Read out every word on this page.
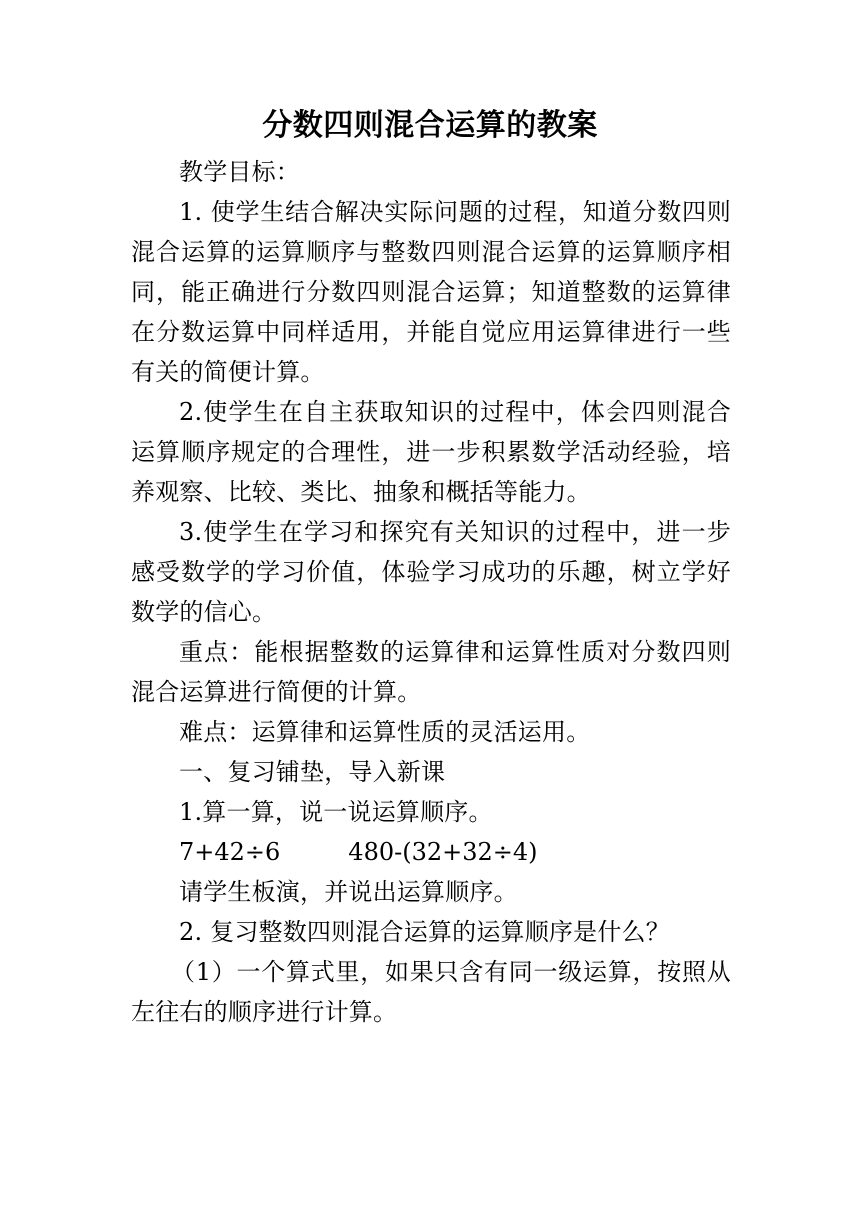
分数四则混合运算的教案

教学目标：

1. 使学生结合解决实际问题的过程，知道分数四则混合运算的运算顺序与整数四则混合运算的运算顺序相同，能正确进行分数四则混合运算；知道整数的运算律在分数运算中同样适用，并能自觉应用运算律进行一些有关的简便计算。

2.使学生在自主获取知识的过程中，体会四则混合运算顺序规定的合理性，进一步积累数学活动经验，培养观察、比较、类比、抽象和概括等能力。

3.使学生在学习和探究有关知识的过程中，进一步感受数学的学习价值，体验学习成功的乐趣，树立学好数学的信心。

重点：能根据整数的运算律和运算性质对分数四则混合运算进行简便的计算。

难点：运算律和运算性质的灵活运用。

一、复习铺垫，导入新课

1.算一算，说一说运算顺序。

7+42÷6	480-(32+32÷4)

请学生板演，并说出运算顺序。

2. 复习整数四则混合运算的运算顺序是什么？

（1）一个算式里，如果只含有同一级运算，按照从左往右的顺序进行计算。
